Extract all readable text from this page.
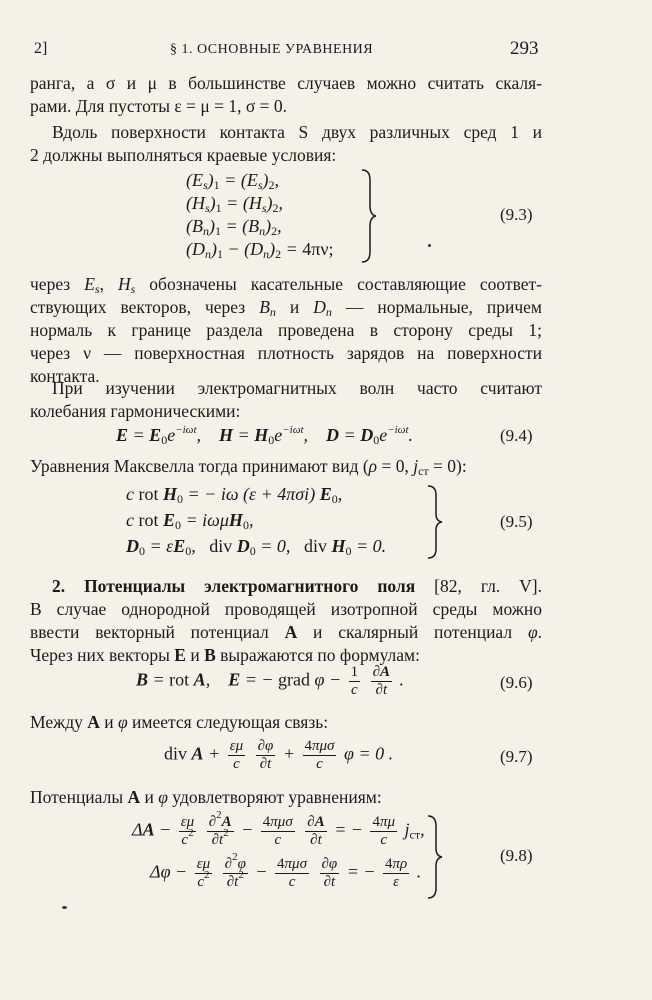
2]	§ 1. ОСНОВНЫЕ УРАВНЕНИЯ	293
ранга, а σ и μ в большинстве случаев можно считать скаля-
рами. Для пустоты ε = μ = 1, σ = 0.
Вдоль поверхности контакта S двух различных сред 1 и
2 должны выполняться краевые условия:
$(E_s)_1 = (E_s)_2$,
$(H_s)_1 = (H_s)_2$,
$(B_n)_1 = (B_n)_2$,
$(D_n)_1 - (D_n)_2 = 4\pi\nu$;
(9.3)
через $E_s$, $H_s$ обозначены касательные составляющие соответ-
ствующих векторов, через $B_n$ и $D_n$ — нормальные, причем
нормаль к границе раздела проведена в сторону среды 1;
через ν — поверхностная плотность зарядов на поверхности
контакта.
При изучении электромагнитных волн часто считают
колебания гармоническими:
$E = E_0e^{-i\omega t}$,    $H = H_0e^{-i\omega t}$,    $D = D_0e^{-i\omega t}$.	(9.4)
Уравнения Максвелла тогда принимают вид (ρ = 0, $j_{ст} = 0$):
c rot $H_0$ = − iω (ε + 4πσi) $E_0$,
c rot $E_0 = i\omega\mu H_0$,
$D_0 = \varepsilon E_0$,   div $D_0 = 0$,   div $H_0 = 0$.
(9.5)
2. Потенциалы электромагнитного поля [82, гл. V].
В случае однородной проводящей изотропной среды можно
ввести векторный потенциал A и скалярный потенциал φ.
Через них векторы E и B выражаются по формулам:
B = rot A,    E = − grad $\varphi - \frac{1}{c}$
$\frac{\partial A}{\partial t}$ .	(9.6)
Между A и φ имеется следующая связь:
div $A + \frac{\varepsilon\mu}{c}$
$\frac{\partial\varphi}{\partial t} + 4\pi\mu\sigma$
c
φ = 0 .	(9.7)
Потенциалы A и φ удовлетворяют уравнениям:
$\Delta A - \frac{\varepsilon\mu}{c^2}$
$\frac{\partial^2A}{\partial t^2} - 4\pi\mu\sigma$
c
	$\frac{\partial A}{\partial t}$ = − $\frac{4\pi\mu}{c} j_{ст}$,
$\Delta\varphi - \frac{\varepsilon\mu}{c^2}$
$\frac{\partial^2\varphi}{\partial t^2} - 4\pi\mu\sigma$
c
	$\frac{\partial\varphi}{\partial t}$ = − $\frac{4\pi\rho}{\varepsilon}$ .
(9.8)
